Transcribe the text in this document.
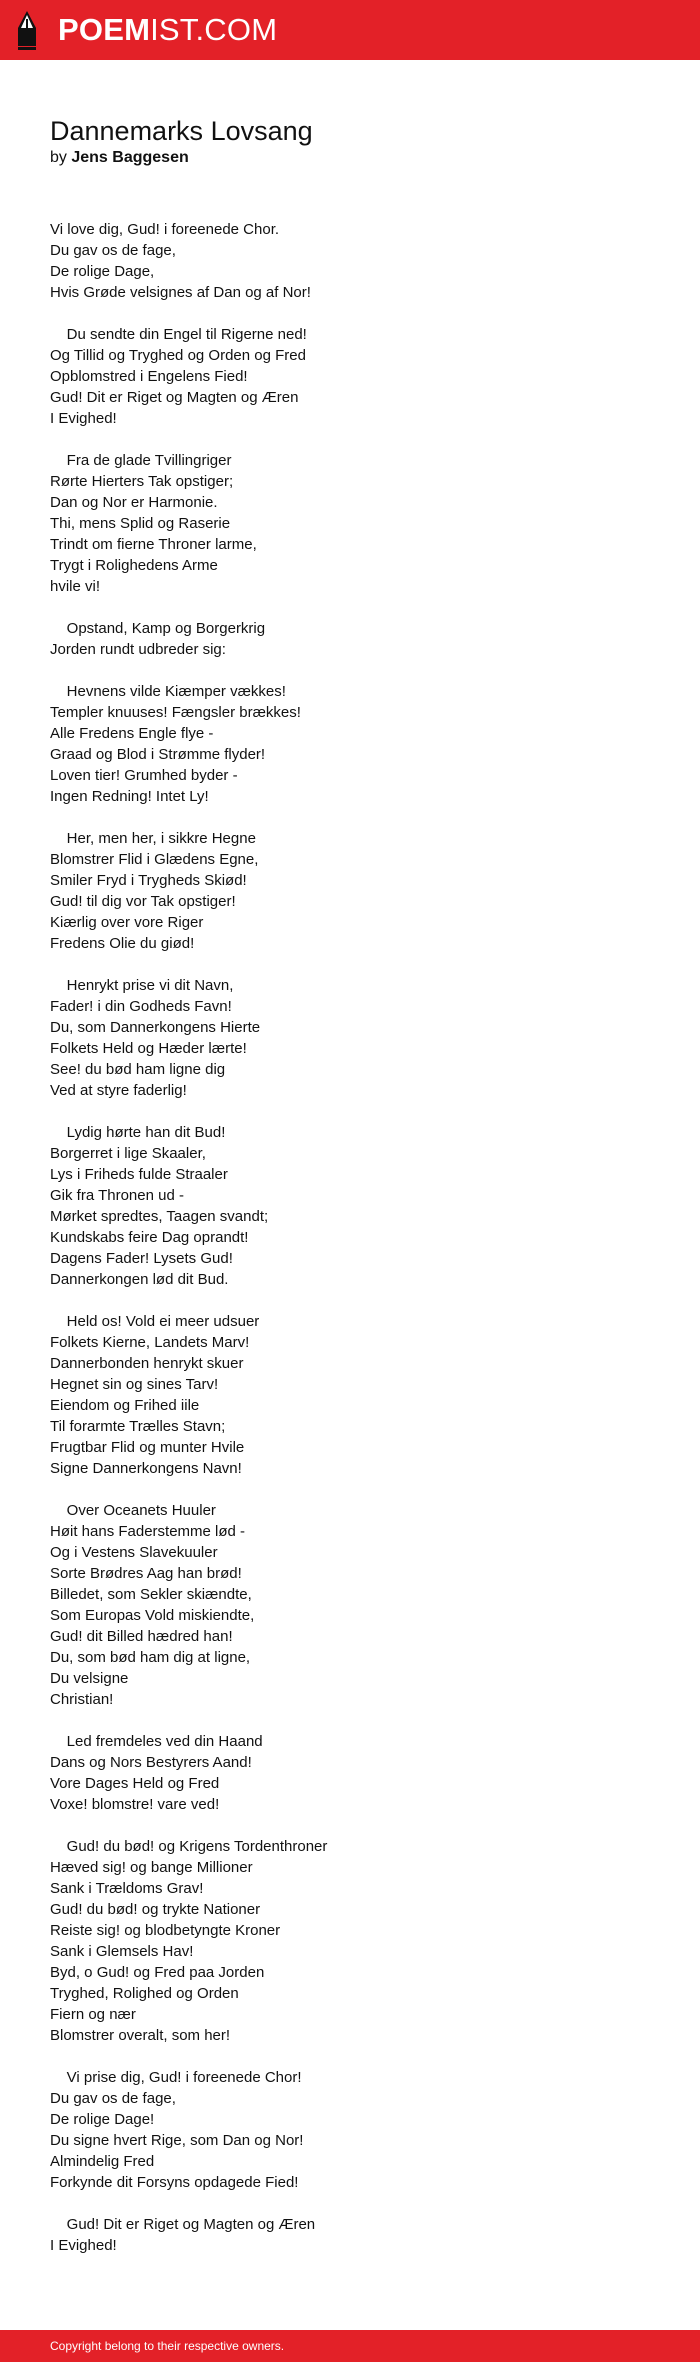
POEMIST.COM
Dannemarks Lovsang
by Jens Baggesen
Vi love dig, Gud! i foreenede Chor.
Du gav os de fage,
De rolige Dage,
Hvis Grøde velsignes af Dan og af Nor!
Du sendte din Engel til Rigerne ned!
Og Tillid og Tryghed og Orden og Fred
Opblomstred i Engelens Fied!
Gud! Dit er Riget og Magten og Æren
I Evighed!
Fra de glade Tvillingriger
Rørte Hierters Tak opstiger;
Dan og Nor er Harmonie.
Thi, mens Splid og Raserie
Trindt om fierne Throner larme,
Trygt i Rolighedens Arme
hvile vi!
Opstand, Kamp og Borgerkrig
Jorden rundt udbreder sig:
Hevnens vilde Kiæmper vækkes!
Templer knuuses! Fængsler brækkes!
Alle Fredens Engle flye -
Graad og Blod i Strømme flyder!
Loven tier! Grumhed byder -
Ingen Redning! Intet Ly!
Her, men her, i sikkre Hegne
Blomstrer Flid i Glædens Egne,
Smiler Fryd i Trygheds Skiød!
Gud! til dig vor Tak opstiger!
Kiærlig over vore Riger
Fredens Olie du giød!
Henrykt prise vi dit Navn,
Fader! i din Godheds Favn!
Du, som Dannerkongens Hierte
Folkets Held og Hæder lærte!
See! du bød ham ligne dig
Ved at styre faderlig!
Lydig hørte han dit Bud!
Borgerret i lige Skaaler,
Lys i Friheds fulde Straaler
Gik fra Thronen ud -
Mørket spredtes, Taagen svandt;
Kundskabs feire Dag oprandt!
Dagens Fader! Lysets Gud!
Dannerkongen lød dit Bud.
Held os! Vold ei meer udsuer
Folkets Kierne, Landets Marv!
Dannerbonden henrykt skuer
Hegnet sin og sines Tarv!
Eiendom og Frihed iile
Til forarmte Trælles Stavn;
Frugtbar Flid og munter Hvile
Signe Dannerkongens Navn!
Over Oceanets Huuler
Høit hans Faderstemme lød -
Og i Vestens Slavekuuler
Sorte Brødres Aag han brød!
Billedet, som Sekler skiændte,
Som Europas Vold miskiendte,
Gud! dit Billed hædred han!
Du, som bød ham dig at ligne,
Du velsigne
Christian!
Led fremdeles ved din Haand
Dans og Nors Bestyrers Aand!
Vore Dages Held og Fred
Voxe! blomstre! vare ved!
Gud! du bød! og Krigens Tordenthroner
Hæved sig! og bange Millioner
Sank i Trældoms Grav!
Gud! du bød! og trykte Nationer
Reiste sig! og blodbetyngte Kroner
Sank i Glemsels Hav!
Byd, o Gud! og Fred paa Jorden
Tryghed, Rolighed og Orden
Fiern og nær
Blomstrer overalt, som her!
Vi prise dig, Gud! i foreenede Chor!
Du gav os de fage,
De rolige Dage!
Du signe hvert Rige, som Dan og Nor!
Almindelig Fred
Forkynde dit Forsyns opdagede Fied!
Gud! Dit er Riget og Magten og Æren
I Evighed!
Copyright belong to their respective owners.
